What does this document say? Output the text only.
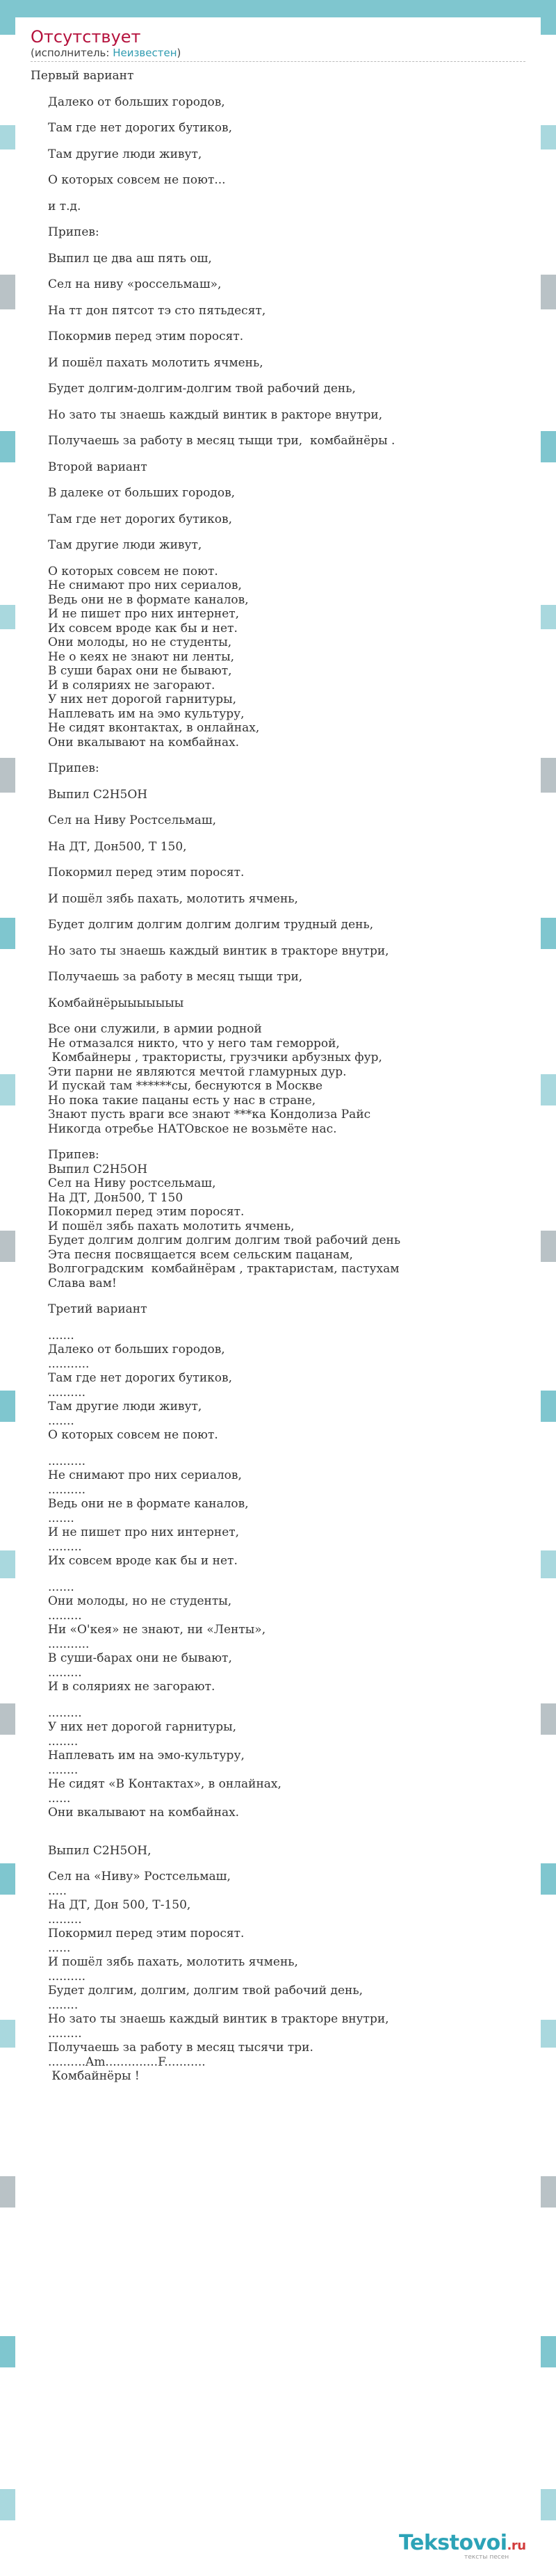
Отсутствует
(исполнитель: Неизвестен)
Первый вариант
Далеко от больших городов,
Там где нет дорогих бутиков,
Там другие люди живут,
О которых совсем не поют...
и т.д.
Припев:
Выпил це два аш пять ош,
Сел на ниву «россельмаш»,
На тт дон пятсот тэ сто пятьдесят,
Покормив перед этим поросят.
И пошёл пахать молотить ячмень,
Будет долгим-долгим-долгим твой рабочий день,
Но зато ты знаешь каждый винтик в ракторе внутри,
Получаешь за работу в месяц тыщи три,  комбайнёры .
Второй вариант
В далеке от больших городов,
Там где нет дорогих бутиков,
Там другие люди живут,
О которых совсем не поют.
Не снимают про них сериалов,
Ведь они не в формате каналов,
И не пишет про них интернет,
Их совсем вроде как бы и нет.
Они молоды, но не студенты,
Не о кеях не знают ни ленты,
В суши барах они не бывают,
И в соляриях не загорают.
У них нет дорогой гарнитуры,
Наплевать им на эмо культуру,
Не сидят вконтактах, в онлайнах,
Они вкалывают на комбайнах.
Припев:
Выпил С2Н5ОН
Сел на Ниву Ростсельмаш,
На ДТ, Дон500, Т 150,
Покормил перед этим поросят.
И пошёл зябь пахать, молотить ячмень,
Будет долгим долгим долгим долгим трудный день,
Но зато ты знаешь каждый винтик в тракторе внутри,
Получаешь за работу в месяц тыщи три,
Комбайнёрыыыыыыы
Все они служили, в армии родной
Не отмазался никто, что у него там геморрой,
Комбайнеры , трактористы, грузчики арбузных фур,
Эти парни не являются мечтой гламурных дур.
И пускай там ******сы, беснуются в Москве
Но пока такие пацаны есть у нас в стране,
Знают пусть враги все знают ***ка Кондолиза Райс
Никогда отребье НАТОвское не возьмёте нас.
Припев:
Выпил С2Н5ОН
Сел на Ниву ростсельмаш,
На ДТ, Дон500, Т 150
Покормил перед этим поросят.
И пошёл зябь пахать молотить ячмень,
Будет долгим долгим долгим долгим твой рабочий день
Эта песня посвящается всем сельским пацанам,
Волгоградским  комбайнёрам , трактаристам, пастухам
Слава вам!
Третий вариант
.......
Далеко от больших городов,
...........
Там где нет дорогих бутиков,
..........
Там другие люди живут,
.......
О которых совсем не поют.
..........
Не снимают про них сериалов,
..........
Ведь они не в формате каналов,
.......
И не пишет про них интернет,
.........
Их совсем вроде как бы и нет.
.......
Они молоды, но не студенты,
.........
Ни «О'кея» не знают, ни «Ленты»,
...........
В суши-барах они не бывают,
.........
И в соляриях не загорают.
.........
У них нет дорогой гарнитуры,
........
Наплевать им на эмо-культуру,
........
Не сидят «В Контактах», в онлайнах,
......
Они вкалывают на комбайнах.
Выпил С2Н5ОН,
Сел на «Ниву» Ростсельмаш,
.....
На ДТ, Дон 500, Т-150,
.........
Покормил перед этим поросят.
......
И пошёл зябь пахать, молотить ячмень,
..........
Будет долгим, долгим, долгим твой рабочий день,
........
Но зато ты знаешь каждый винтик в тракторе внутри,
.........
Получаешь за работу в месяц тысячи три.
..........Am..............F...........
Комбайнёры !
Tekstovoi.ru
тексты песен
